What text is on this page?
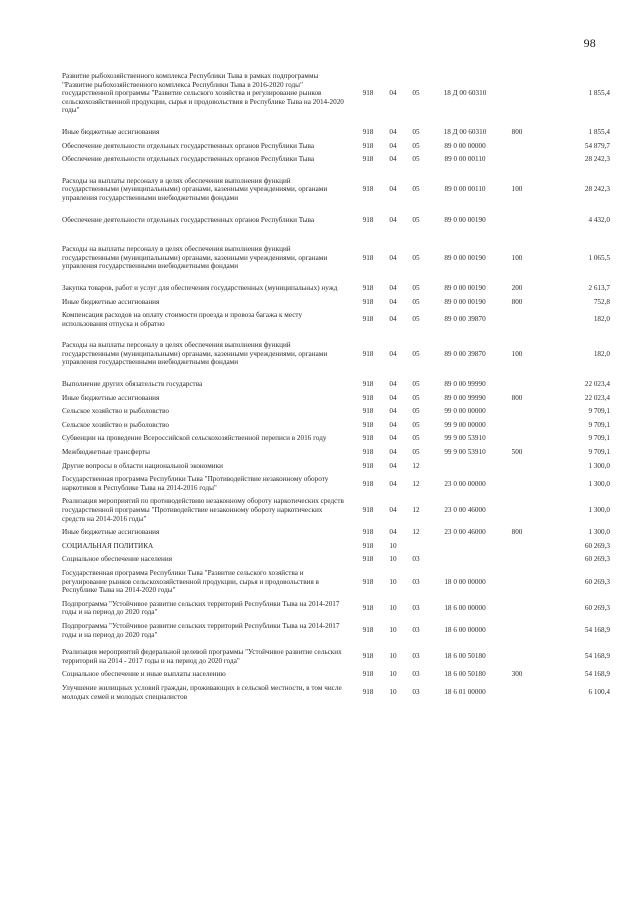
98
Развитие рыбохозяйственного комплекса Республики Тыва в рамках подпрограммы "Развитие рыбохозяйственного комплекса Республики Тыва в 2016-2020 годы" государственной программы "Развитие сельского хозяйства и регулирование рынков сельскохозяйственной продукции, сырья и продовольствия в Республике Тыва на 2014-2020 годы"	918	04	05	18 Д 00 60310		1 855,4
Иные бюджетные ассигнования	918	04	05	18 Д 00 60310	800	1 855,4
Обеспечение деятельности отдельных государственных органов Республики Тыва	918	04	05	89 0 00 00000		54 879,7
Обеспечение деятельности отдельных государственных органов Республики Тыва	918	04	05	89 0 00 00110		28 242,3
Расходы на выплаты персоналу в целях обеспечения выполнения функций государственными (муниципальными) органами, казенными учреждениями, органами управления государственными внебюджетными фондами	918	04	05	89 0 00 00110	100	28 242,3
Обеспечение деятельности отдельных государственных органов Республики Тыва	918	04	05	89 0 00 00190		4 432,0
Расходы на выплаты персоналу в целях обеспечения выполнения функций государственными (муниципальными) органами, казенными учреждениями, органами управления государственными внебюджетными фондами	918	04	05	89 0 00 00190	100	1 065,5
Закупка товаров, работ и услуг для обеспечения государственных (муниципальных) нужд	918	04	05	89 0 00 00190	200	2 613,7
Иные бюджетные ассигнования	918	04	05	89 0 00 00190	800	752,8
Компенсация расходов на оплату стоимости проезда и провоза багажа к месту использования отпуска и обратно	918	04	05	89 0 00 39870		182,0
Расходы на выплаты персоналу в целях обеспечения выполнения функций государственными (муниципальными) органами, казенными учреждениями, органами управления государственными внебюджетными фондами	918	04	05	89 0 00 39870	100	182,0
Выполнение других обязательств государства	918	04	05	89 0 00 99990		22 023,4
Иные бюджетные ассигнования	918	04	05	89 0 00 99990	800	22 023,4
Сельское хозяйство и рыболовство	918	04	05	99 0 00 00000		9 709,1
Сельское хозяйство и рыболовство	918	04	05	99 9 00 00000		9 709,1
Субвенции на проведение Всероссийской сельскохозяйственной переписи в 2016 году	918	04	05	99 9 00 53910		9 709,1
Межбюджетные трансферты	918	04	05	99 9 00 53910	500	9 709,1
Другие вопросы в области национальной экономики	918	04	12			1 300,0
Государственная программа Республики Тыва "Противодействие незаконному обороту наркотиков в Республике Тыва на 2014-2016 годы"	918	04	12	23 0 00 00000		1 300,0
Реализация мероприятий по противодействию незаконному обороту наркотических средств государственной программы "Противодействие незаконному обороту наркотических средств на 2014-2016 годы"	918	04	12	23 0 00 46000		1 300,0
Иные бюджетные ассигнования	918	04	12	23 0 00 46000	800	1 300,0
СОЦИАЛЬНАЯ ПОЛИТИКА	918	10				60 269,3
Социальное обеспечение населения	918	10	03			60 269,3
Государственная программа Республики Тыва "Развитие сельского хозяйства и регулирование рынков сельскохозяйственной продукции, сырья и продовольствия в Республике Тыва на 2014-2020 годы"	918	10	03	18 0 00 00000		60 269,3
Подпрограмма "Устойчивое развитие сельских территорий Республики Тыва на 2014-2017 годы и на период до 2020 года"	918	10	03	18 6 00 00000		60 269,3
Подпрограмма "Устойчивое развитие сельских территорий Республики Тыва на 2014-2017 годы и на период до 2020 года"	918	10	03	18 6 00 00000		54 168,9
Реализация мероприятий федеральной целевой программы "Устойчивое развитие сельских территорий на 2014 - 2017 годы и на период до 2020 года"	918	10	03	18 6 00 50180		54 168,9
Социальное обеспечение и иные выплаты населению	918	10	03	18 6 00 50180	300	54 168,9
Улучшение жилищных условий граждан, проживающих в сельской местности, в том числе молодых семей и молодых специалистов	918	10	03	18 6 01 00000		6 100,4
